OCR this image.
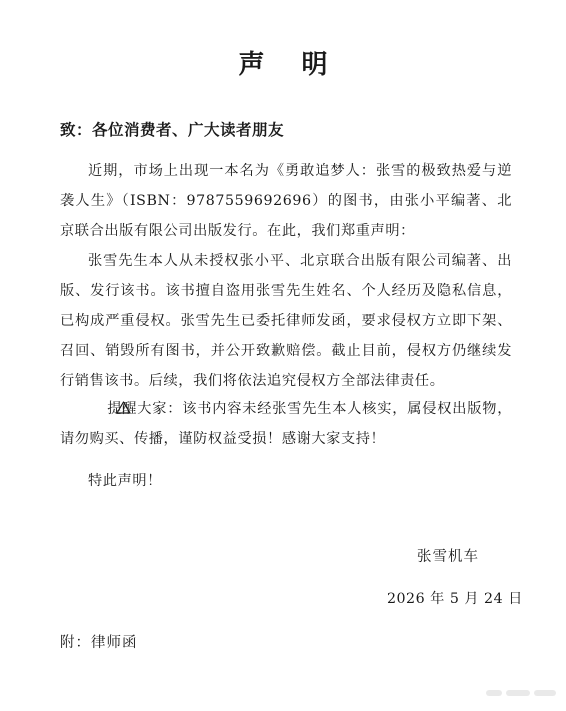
声 明
致：各位消费者、广大读者朋友

近期，市场上出现一本名为《勇敢追梦人：张雪的极致热爱与逆袭人生》（ISBN：9787559692696）的图书，由张小平编著、北京联合出版有限公司出版发行。在此，我们郑重声明：

张雪先生本人从未授权张小平、北京联合出版有限公司编著、出版、发行该书。该书擅自盗用张雪先生姓名、个人经历及隐私信息，已构成严重侵权。张雪先生已委托律师发函，要求侵权方立即下架、召回、销毁所有图书，并公开致歉赔偿。截止目前，侵权方仍继续发行销售该书。后续，我们将依法追究侵权方全部法律责任。

提醒大家：该书内容未经张雪先生本人核实，属侵权出版物，请勿购买、传播，谨防权益受损！感谢大家支持！

特此声明！

张雪机车
2026 年 5 月 24 日
附：律师函
